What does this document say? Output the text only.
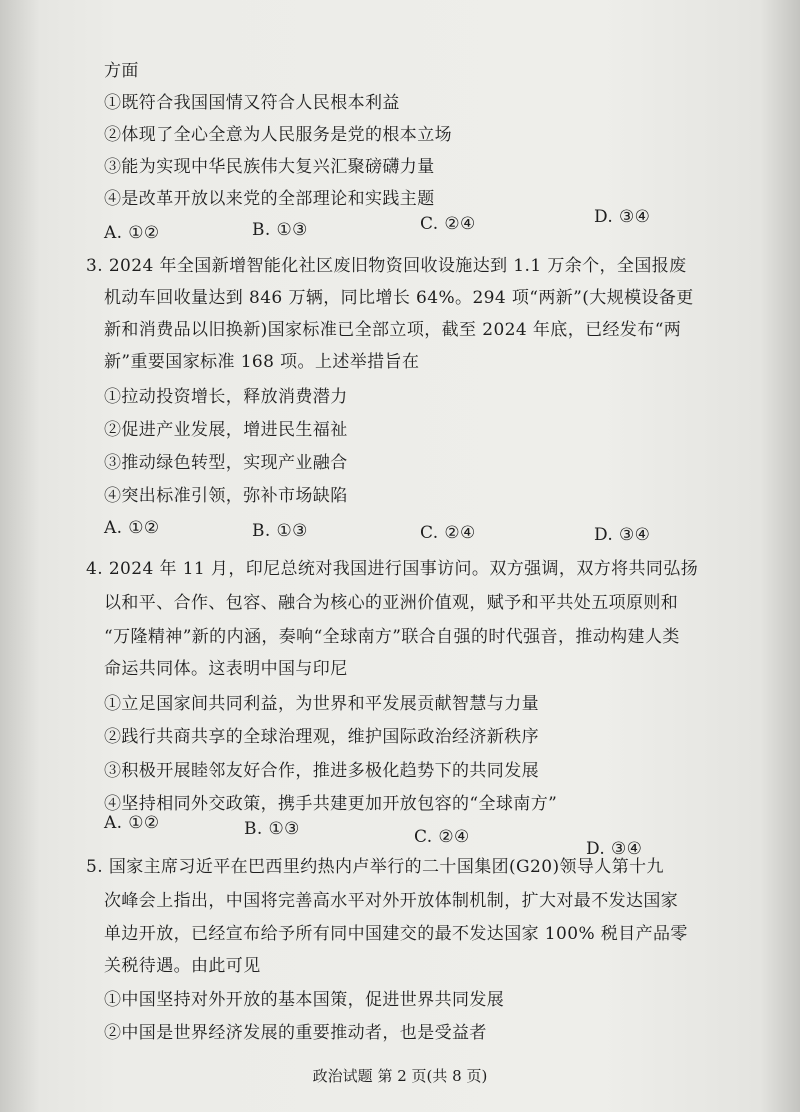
方面
①既符合我国国情又符合人民根本利益
②体现了全心全意为人民服务是党的根本立场
③能为实现中华民族伟大复兴汇聚磅礴力量
④是改革开放以来党的全部理论和实践主题
A. ①②	B. ①③	C. ②④	D. ③④
3. 2024 年全国新增智能化社区废旧物资回收设施达到 1.1 万余个，全国报废
机动车回收量达到 846 万辆，同比增长 64%。294 项“两新”(大规模设备更
新和消费品以旧换新)国家标准已全部立项，截至 2024 年底，已经发布“两
新”重要国家标准 168 项。上述举措旨在
①拉动投资增长，释放消费潜力
②促进产业发展，增进民生福祉
③推动绿色转型，实现产业融合
④突出标准引领，弥补市场缺陷
A. ①②	B. ①③	C. ②④	D. ③④
4. 2024 年 11 月，印尼总统对我国进行国事访问。双方强调，双方将共同弘扬
以和平、合作、包容、融合为核心的亚洲价值观，赋予和平共处五项原则和
“万隆精神”新的内涵，奏响“全球南方”联合自强的时代强音，推动构建人类
命运共同体。这表明中国与印尼
①立足国家间共同利益，为世界和平发展贡献智慧与力量
②践行共商共享的全球治理观，维护国际政治经济新秩序
③积极开展睦邻友好合作，推进多极化趋势下的共同发展
④坚持相同外交政策，携手共建更加开放包容的“全球南方”
A. ①②	B. ①③	C. ②④
D. ③④
5. 国家主席习近平在巴西里约热内卢举行的二十国集团(G20)领导人第十九
次峰会上指出，中国将完善高水平对外开放体制机制，扩大对最不发达国家
单边开放，已经宣布给予所有同中国建交的最不发达国家 100% 税目产品零
关税待遇。由此可见
①中国坚持对外开放的基本国策，促进世界共同发展
②中国是世界经济发展的重要推动者，也是受益者
政治试题 第 2 页(共 8 页)
